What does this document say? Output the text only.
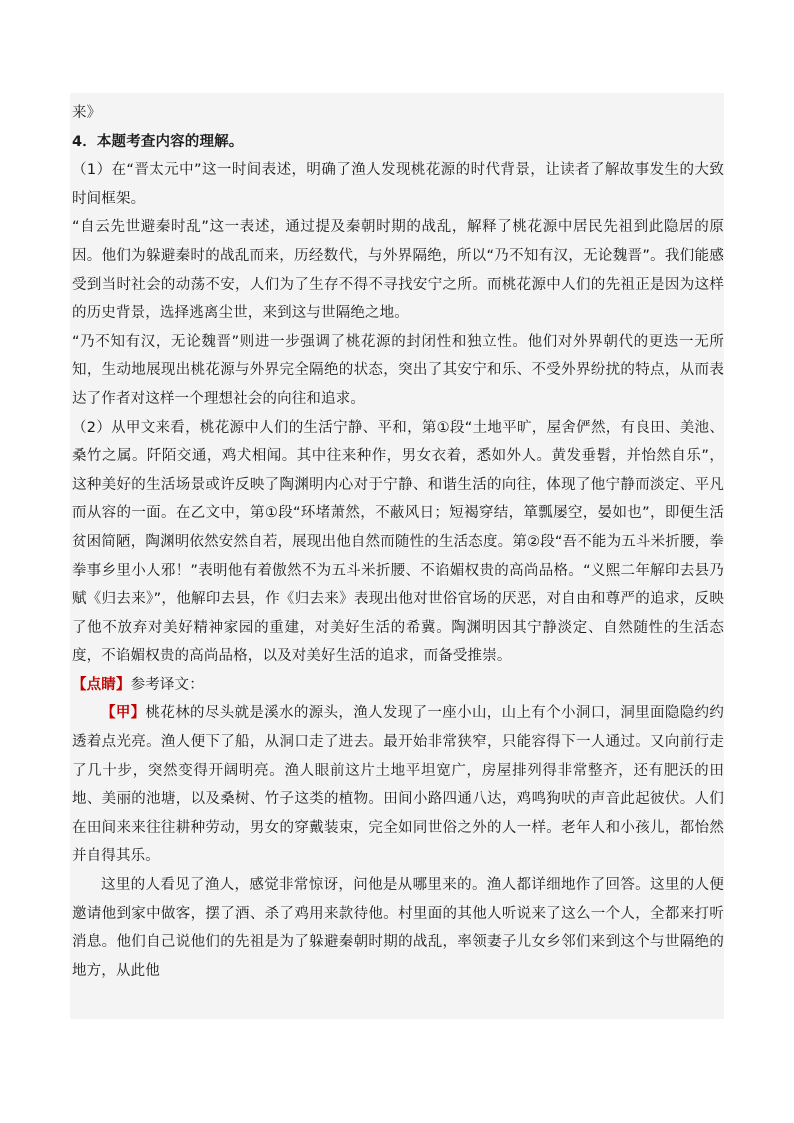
来》

4．本题考查内容的理解。

（1）在“晋太元中”这一时间表述，明确了渔人发现桃花源的时代背景，让读者了解故事发生的大致时间框架。

“自云先世避秦时乱”这一表述，通过提及秦朝时期的战乱，解释了桃花源中居民先祖到此隐居的原因。他们为躲避秦时的战乱而来，历经数代，与外界隔绝，所以“乃不知有汉，无论魏晋”。我们能感受到当时社会的动荡不安，人们为了生存不得不寻找安宁之所。而桃花源中人们的先祖正是因为这样的历史背景，选择逃离尘世，来到这与世隔绝之地。

“乃不知有汉，无论魏晋”则进一步强调了桃花源的封闭性和独立性。他们对外界朝代的更迭一无所知，生动地展现出桃花源与外界完全隔绝的状态，突出了其安宁和乐、不受外界纷扰的特点，从而表达了作者对这样一个理想社会的向往和追求。

（2）从甲文来看，桃花源中人们的生活宁静、平和，第①段“土地平旷，屋舍俨然，有良田、美池、桑竹之属。阡陌交通，鸡犬相闻。其中往来种作，男女衣着，悉如外人。黄发垂髫，并怡然自乐”，这种美好的生活场景或许反映了陶渊明内心对于宁静、和谐生活的向往，体现了他宁静而淡定、平凡而从容的一面。在乙文中，第①段“环堵萧然，不蔽风日；短褐穿结，箪瓢屡空，晏如也”，即便生活贫困简陋，陶渊明依然安然自若，展现出他自然而随性的生活态度。第②段“吾不能为五斗米折腰，拳拳事乡里小人邪！”表明他有着傲然不为五斗米折腰、不谄媚权贵的高尚品格。“义熙二年解印去县乃赋《归去来》”，他解印去县，作《归去来》表现出他对世俗官场的厌恶，对自由和尊严的追求，反映了他不放弃对美好精神家园的重建，对美好生活的希冀。陶渊明因其宁静淡定、自然随性的生活态度，不谄媚权贵的高尚品格，以及对美好生活的追求，而备受推崇。

【点睛】参考译文：

【甲】桃花林的尽头就是溪水的源头，渔人发现了一座小山，山上有个小洞口，洞里面隐隐约约透着点光亮。渔人便下了船，从洞口走了进去。最开始非常狭窄，只能容得下一人通过。又向前行走了几十步，突然变得开阔明亮。渔人眼前这片土地平坦宽广，房屋排列得非常整齐，还有肥沃的田地、美丽的池塘，以及桑树、竹子这类的植物。田间小路四通八达，鸡鸣狗吠的声音此起彼伏。人们在田间来来往往耕种劳动，男女的穿戴装束，完全如同世俗之外的人一样。老年人和小孩儿，都怡然并自得其乐。

这里的人看见了渔人，感觉非常惊讶，问他是从哪里来的。渔人都详细地作了回答。这里的人便邀请他到家中做客，摆了酒、杀了鸡用来款待他。村里面的其他人听说来了这么一个人，全都来打听消息。他们自己说他们的先祖是为了躲避秦朝时期的战乱，率领妻子儿女乡邻们来到这个与世隔绝的地方，从此他
